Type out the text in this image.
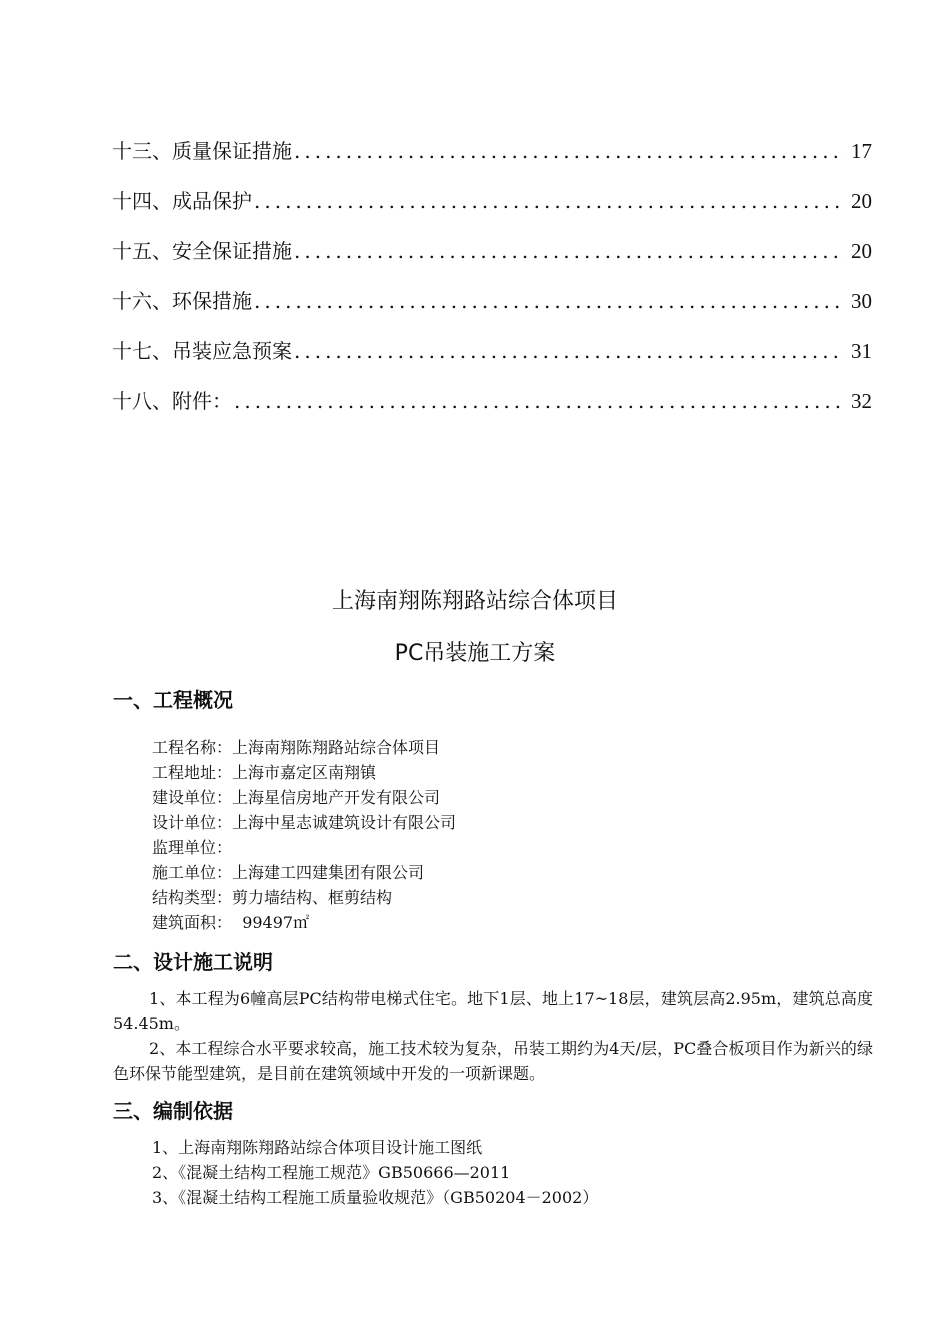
十三、质量保证措施 .....	17
十四、成品保护 .....	20
十五、安全保证措施 .....	20
十六、环保措施 .....	30
十七、吊装应急预案 .....	31
十八、附件： .....	32
上海南翔陈翔路站综合体项目
PC吊装施工方案
一、工程概况
工程名称：上海南翔陈翔路站综合体项目
工程地址：上海市嘉定区南翔镇
建设单位：上海星信房地产开发有限公司
设计单位：上海中星志诚建筑设计有限公司
监理单位：
施工单位：上海建工四建集团有限公司
结构类型：剪力墙结构、框剪结构
建筑面积：  99497㎡
二、设计施工说明
1、本工程为6幢高层PC结构带电梯式住宅。地下1层、地上17~18层，建筑层高2.95m，建筑总高度54.45m。
2、本工程综合水平要求较高，施工技术较为复杂，吊装工期约为4天/层，PC叠合板项目作为新兴的绿色环保节能型建筑，是目前在建筑领域中开发的一项新课题。
三、编制依据
1、上海南翔陈翔路站综合体项目设计施工图纸
2、《混凝土结构工程施工规范》GB50666—2011
3、《混凝土结构工程施工质量验收规范》（GB50204－2002）
